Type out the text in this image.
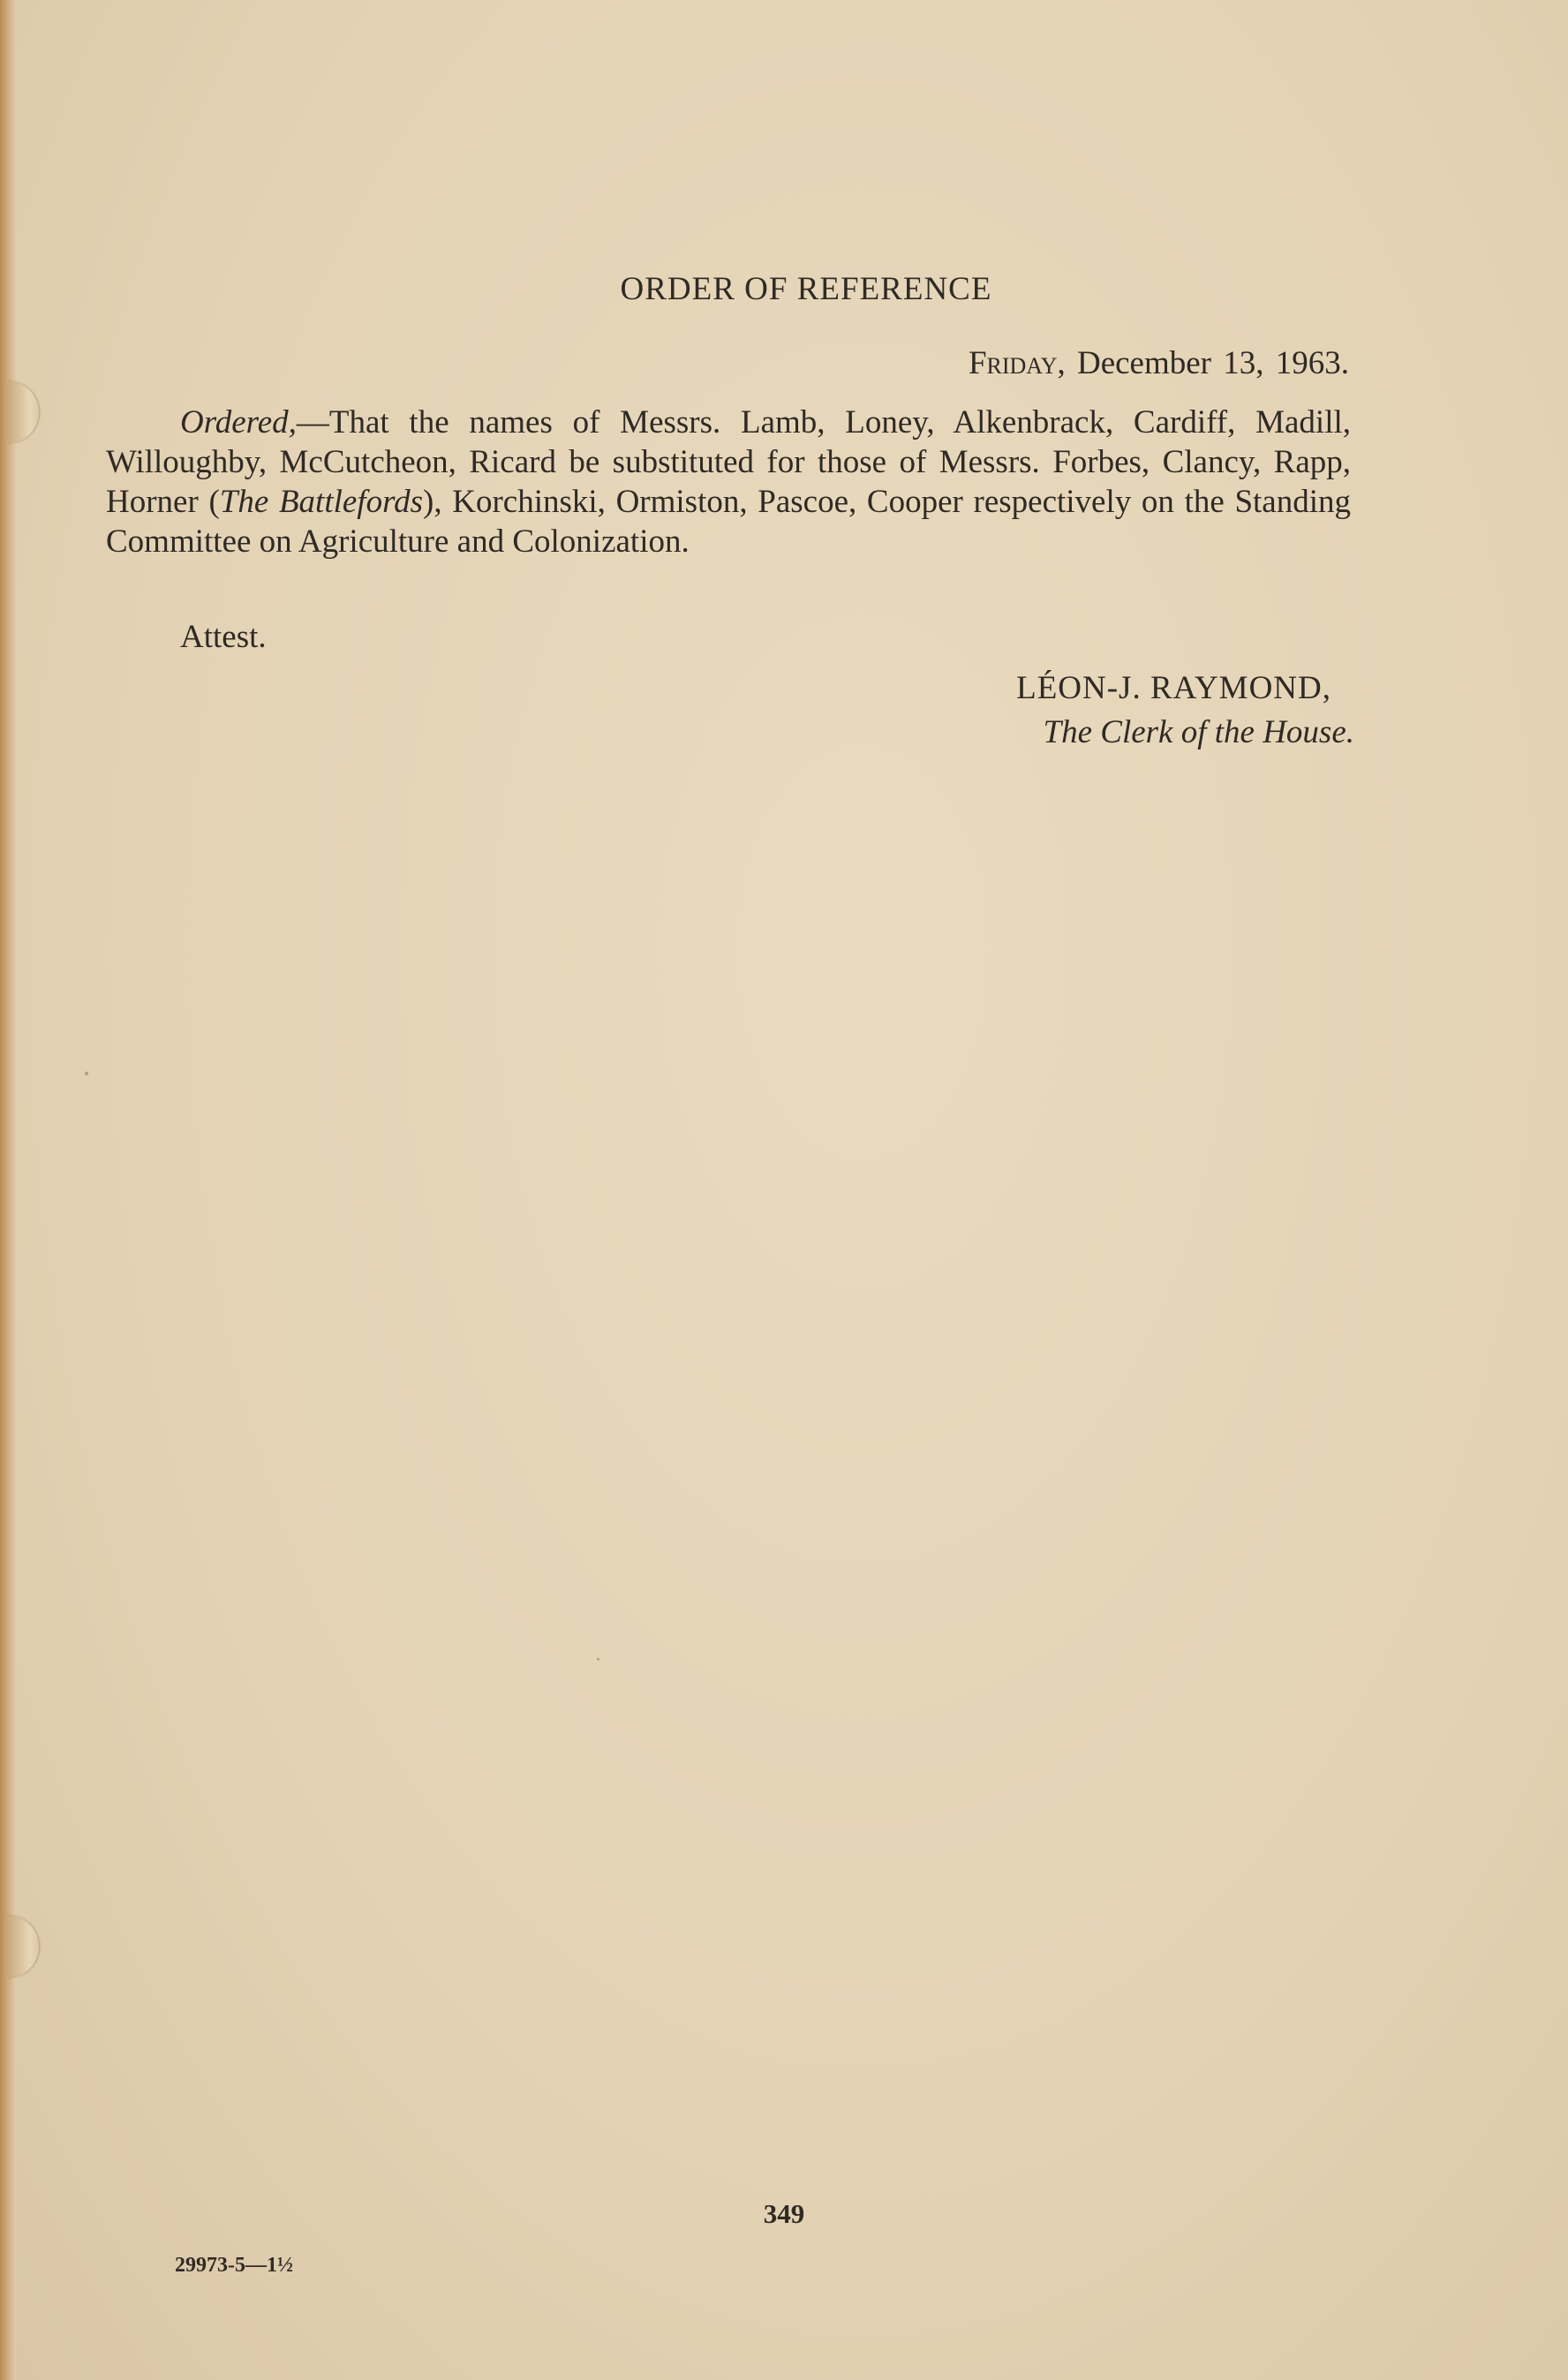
ORDER OF REFERENCE
Friday, December 13, 1963.

Ordered,—That the names of Messrs. Lamb, Loney, Alkenbrack, Cardiff, Madill, Willoughby, McCutcheon, Ricard be substituted for those of Messrs. Forbes, Clancy, Rapp, Horner (The Battlefords), Korchinski, Ormiston, Pascoe, Cooper respectively on the Standing Committee on Agriculture and Colonization.

Attest.
LÉON-J. RAYMOND,
The Clerk of the House.
349
29973-5—1½
